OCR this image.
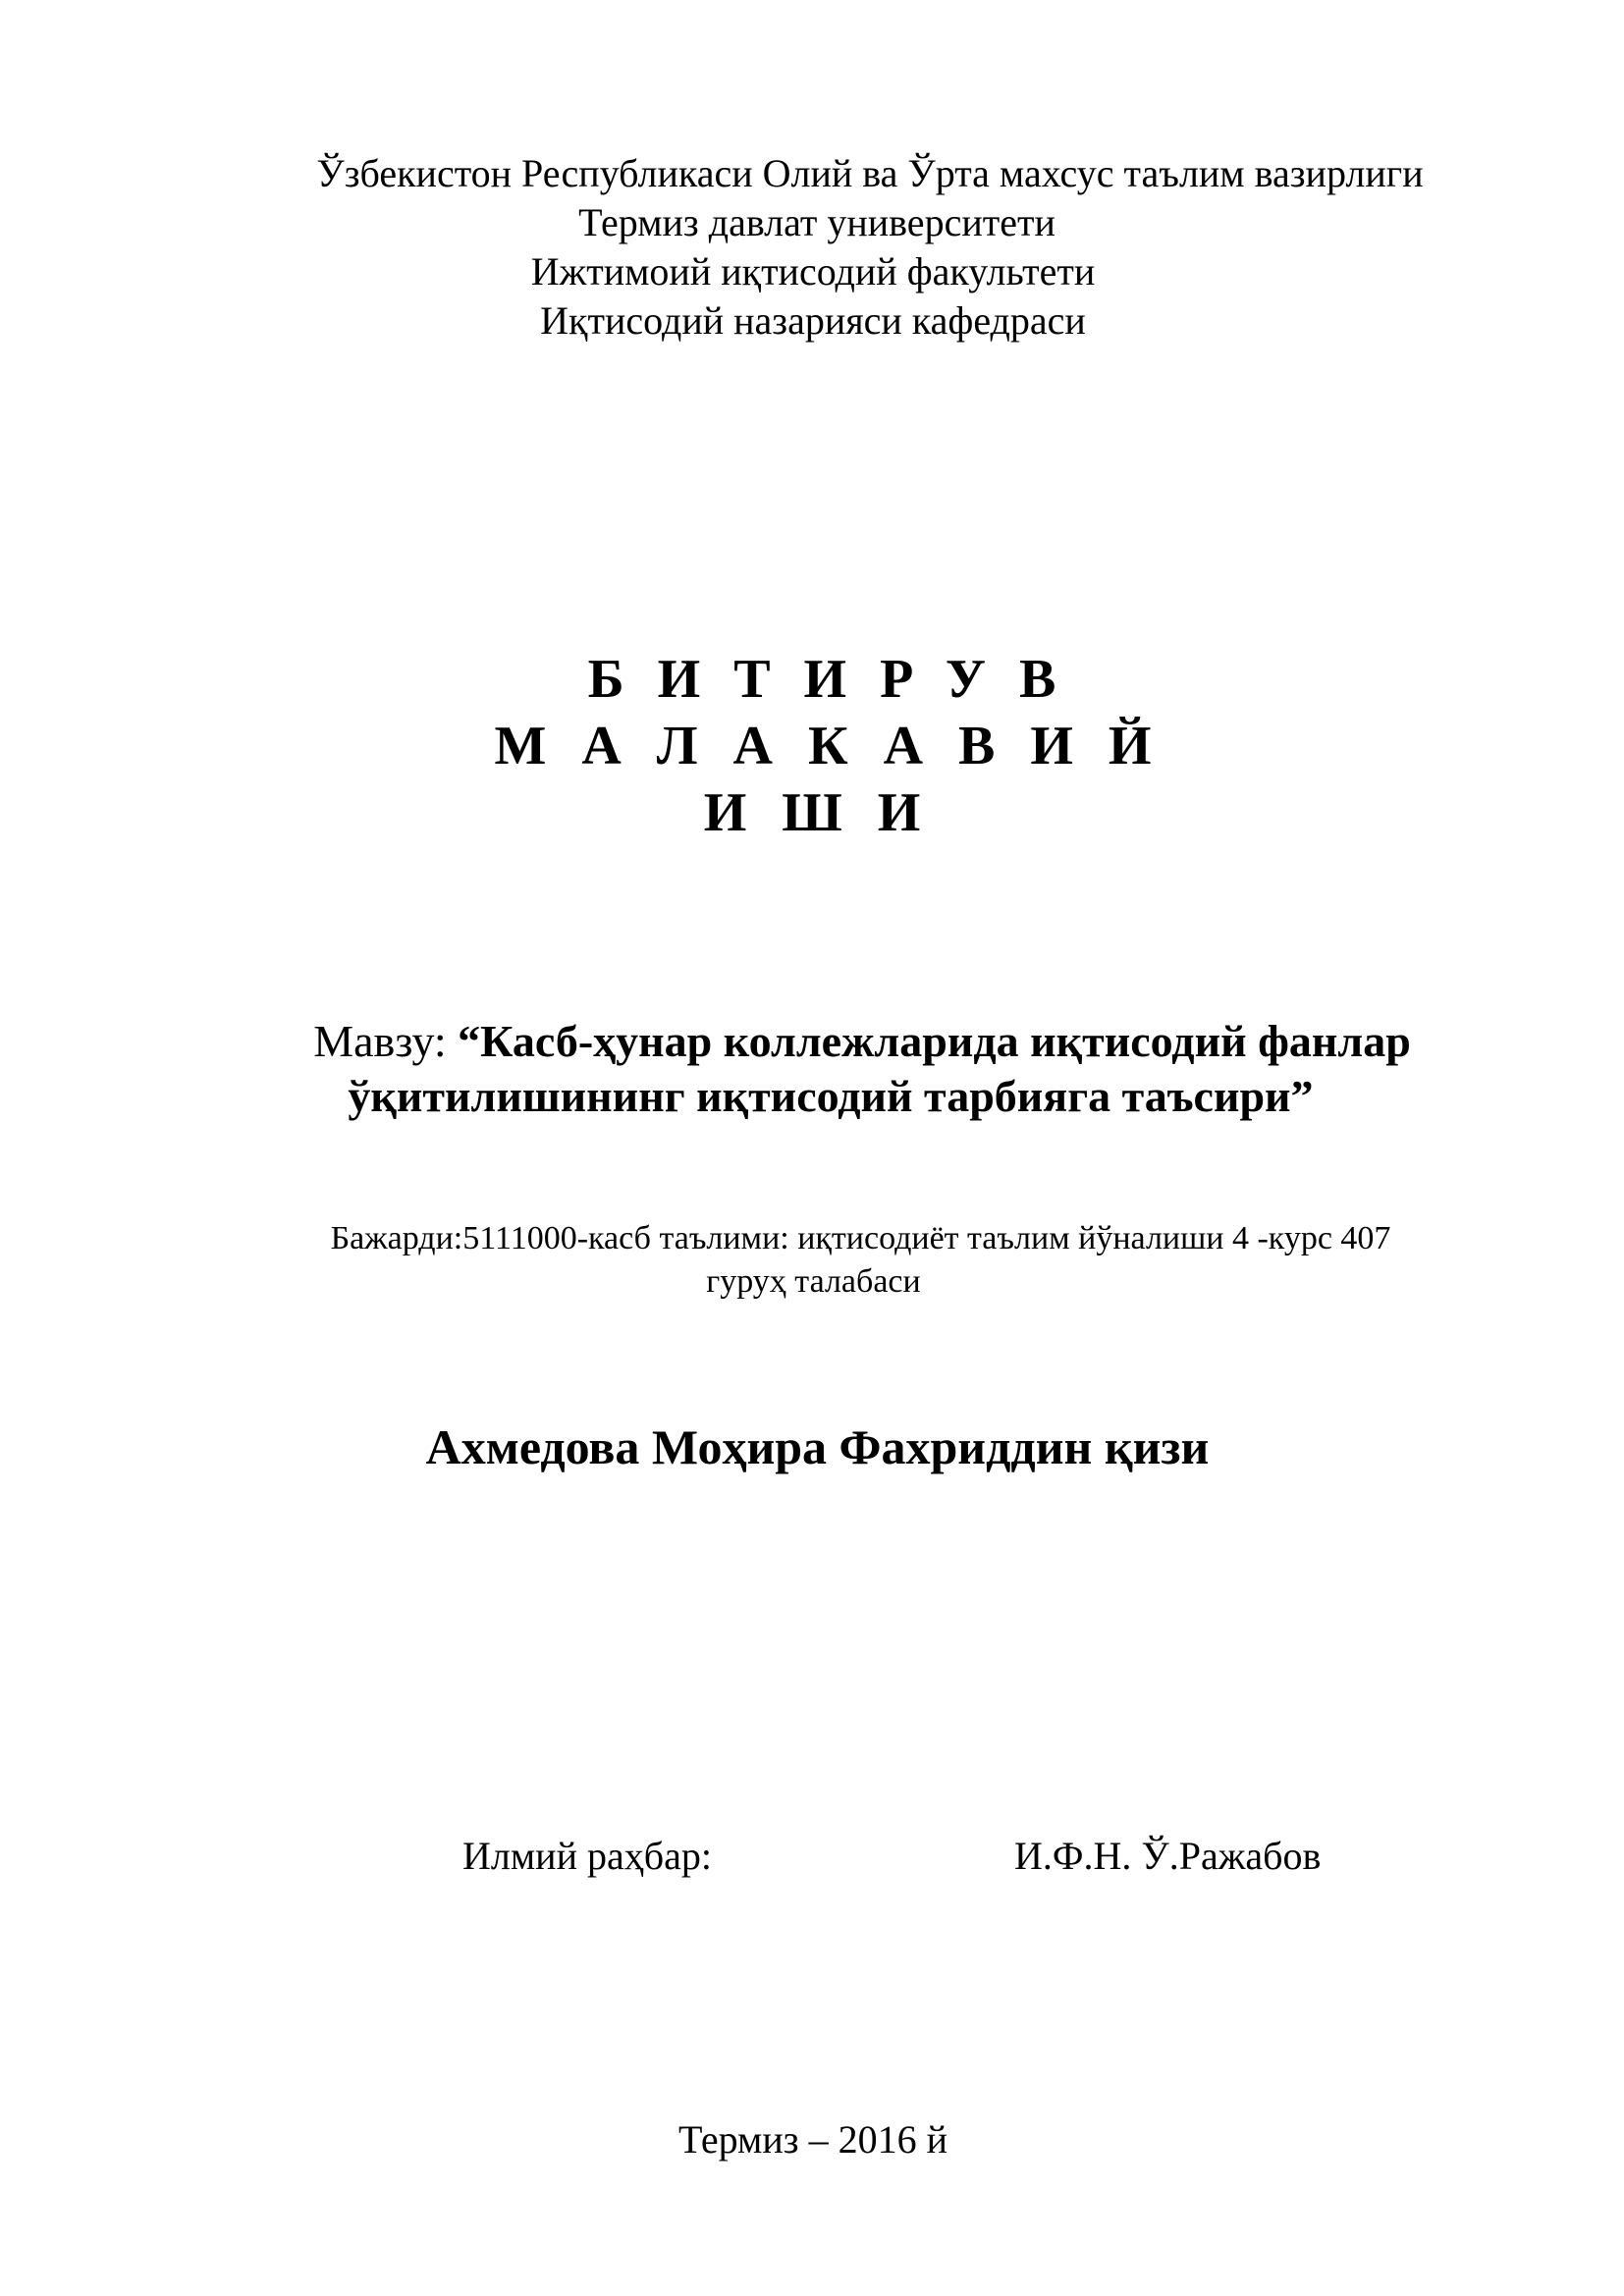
Ўзбекистон Республикаси Олий ва Ўрта махсус таълим вазирлиги
Термиз давлат университети
Ижтимоий иқтисодий факультети
Иқтисодий назарияси кафедраси
БИТИРУВ
МАЛАКАВИЙ
ИШИ
Мавзу: “Касб-ҳунар коллежларида иқтисодий фанлар
ўқитилишининг иқтисодий тарбияга таъсири”
Бажарди:5111000-касб таълими: иқтисодиёт таълим йўналиши 4 -курс 407
гуруҳ талабаси
Ахмедова Моҳира Фахриддин қизи
Илмий раҳбар:	И.Ф.Н. Ў.Ражабов
Термиз – 2016 й
